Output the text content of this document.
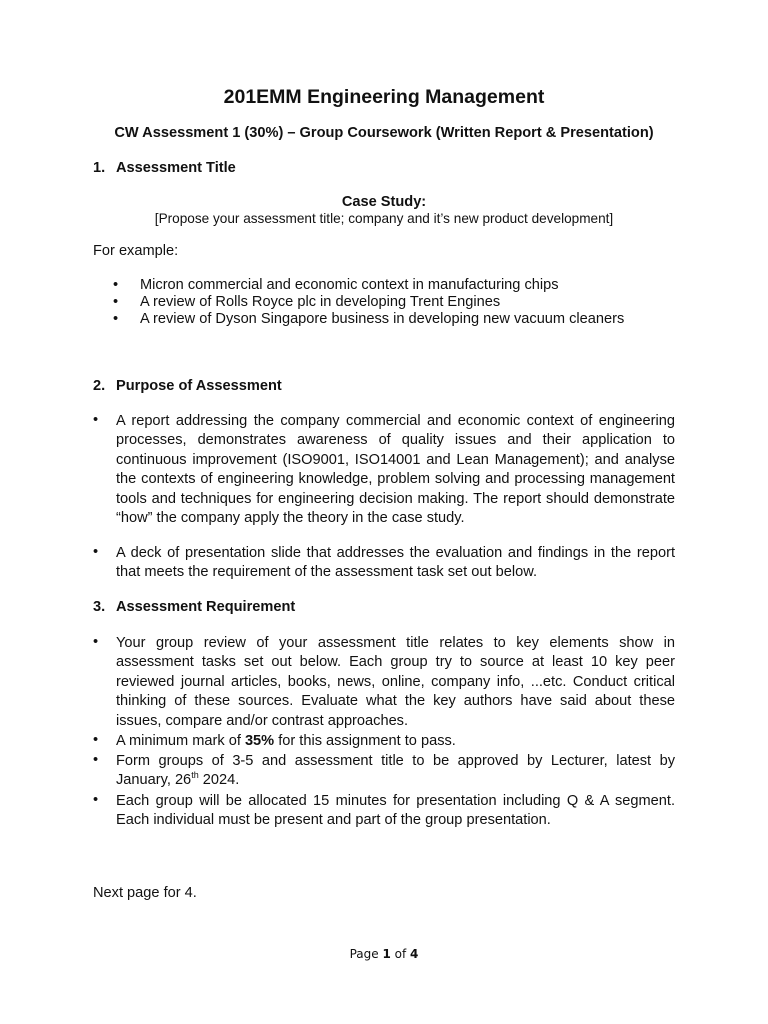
201EMM Engineering Management

CW Assessment 1 (30%) – Group Coursework (Written Report & Presentation)

1. Assessment Title

Case Study:

[Propose your assessment title; company and it’s new product development]

For example:

• Micron commercial and economic context in manufacturing chips
• A review of Rolls Royce plc in developing Trent Engines
• A review of Dyson Singapore business in developing new vacuum cleaners

2. Purpose of Assessment

• A report addressing the company commercial and economic context of engineering processes, demonstrates awareness of quality issues and their application to continuous improvement (ISO9001, ISO14001 and Lean Management); and analyse the contexts of engineering knowledge, problem solving and processing management tools and techniques for engineering decision making. The report should demonstrate “how” the company apply the theory in the case study.
• A deck of presentation slide that addresses the evaluation and findings in the report that meets the requirement of the assessment task set out below.

3. Assessment Requirement

• Your group review of your assessment title relates to key elements show in assessment tasks set out below. Each group try to source at least 10 key peer reviewed journal articles, books, news, online, company info, ...etc. Conduct critical thinking of these sources. Evaluate what the key authors have said about these issues, compare and/or contrast approaches.
• A minimum mark of 35% for this assignment to pass.
• Form groups of 3-5 and assessment title to be approved by Lecturer, latest by January, 26th 2024.
• Each group will be allocated 15 minutes for presentation including Q & A segment. Each individual must be present and part of the group presentation.

Next page for 4.

Page 1 of 4
